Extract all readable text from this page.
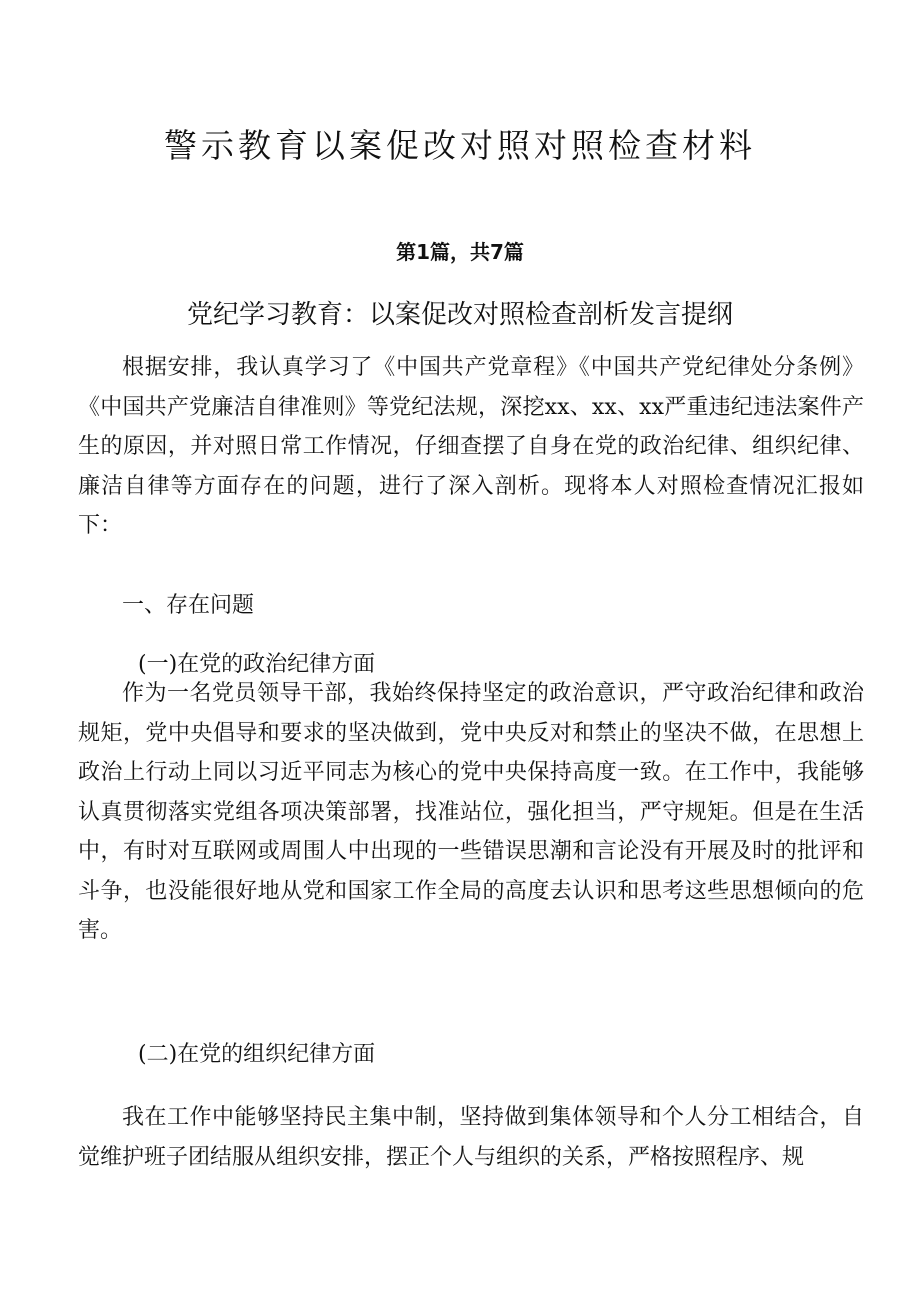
警示教育以案促改对照对照检查材料
第1篇，共7篇
党纪学习教育：以案促改对照检查剖析发言提纲

根据安排，我认真学习了《中国共产党章程》《中国共产党纪律处分条例》《中国共产党廉洁自律准则》等党纪法规，深挖xx、xx、xx严重违纪违法案件产生的原因，并对照日常工作情况，仔细查摆了自身在党的政治纪律、组织纪律、廉洁自律等方面存在的问题，进行了深入剖析。现将本人对照检查情况汇报如下：

一、存在问题
(一)在党的政治纪律方面

作为一名党员领导干部，我始终保持坚定的政治意识，严守政治纪律和政治规矩，党中央倡导和要求的坚决做到，党中央反对和禁止的坚决不做，在思想上政治上行动上同以习近平同志为核心的党中央保持高度一致。在工作中，我能够认真贯彻落实党组各项决策部署，找准站位，强化担当，严守规矩。但是在生活中，有时对互联网或周围人中出现的一些错误思潮和言论没有开展及时的批评和斗争，也没能很好地从党和国家工作全局的高度去认识和思考这些思想倾向的危害。

(二)在党的组织纪律方面

我在工作中能够坚持民主集中制，坚持做到集体领导和个人分工相结合，自觉维护班子团结服从组织安排，摆正个人与组织的关系，严格按照程序、规
